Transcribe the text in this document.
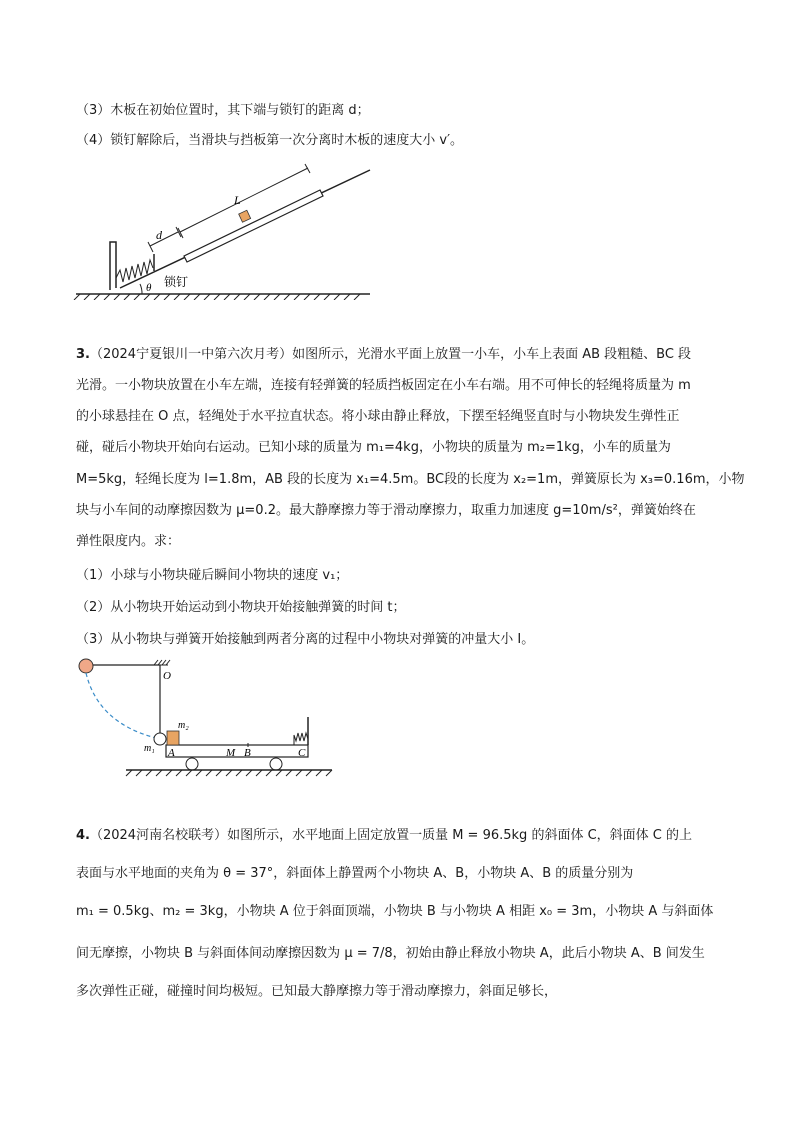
（3）木板在初始位置时，其下端与锁钉的距离 d；
（4）锁钉解除后，当滑块与挡板第一次分离时木板的速度大小 v′。
L
d
θ 锁钉
3.（2024宁夏银川一中第六次月考）如图所示，光滑水平面上放置一小车，小车上表面 AB 段粗糙、BC 段
光滑。一小物块放置在小车左端，连接有轻弹簧的轻质挡板固定在小车右端。用不可伸长的轻绳将质量为 m
的小球悬挂在 O 点，轻绳处于水平拉直状态。将小球由静止释放，下摆至轻绳竖直时与小物块发生弹性正
碰，碰后小物块开始向右运动。已知小球的质量为 m₁=4kg，小物块的质量为 m₂=1kg，小车的质量为
M=5kg，轻绳长度为 l=1.8m，AB 段的长度为 x₁=4.5m。BC段的长度为 x₂=1m，弹簧原长为 x₃=0.16m，小物
块与小车间的动摩擦因数为 μ=0.2。最大静摩擦力等于滑动摩擦力，取重力加速度 g=10m/s²，弹簧始终在
弹性限度内。求：
（1）小球与小物块碰后瞬间小物块的速度 v₁；
（2）从小物块开始运动到小物块开始接触弹簧的时间 t；
（3）从小物块与弹簧开始接触到两者分离的过程中小物块对弹簧的冲量大小 I。
O
m₁
m₂
A	M B	C
4.（2024河南名校联考）如图所示，水平地面上固定放置一质量 M = 96.5kg 的斜面体 C，斜面体 C 的上
表面与水平地面的夹角为 θ = 37°，斜面体上静置两个小物块 A、B，小物块 A、B 的质量分别为
m₁ = 0.5kg、m₂ = 3kg，小物块 A 位于斜面顶端，小物块 B 与小物块 A 相距 x₀ = 3m，小物块 A 与斜面体
间无摩擦，小物块 B 与斜面体间动摩擦因数为 μ = 7/8，初始由静止释放小物块 A，此后小物块 A、B 间发生
多次弹性正碰，碰撞时间均极短。已知最大静摩擦力等于滑动摩擦力，斜面足够长，
